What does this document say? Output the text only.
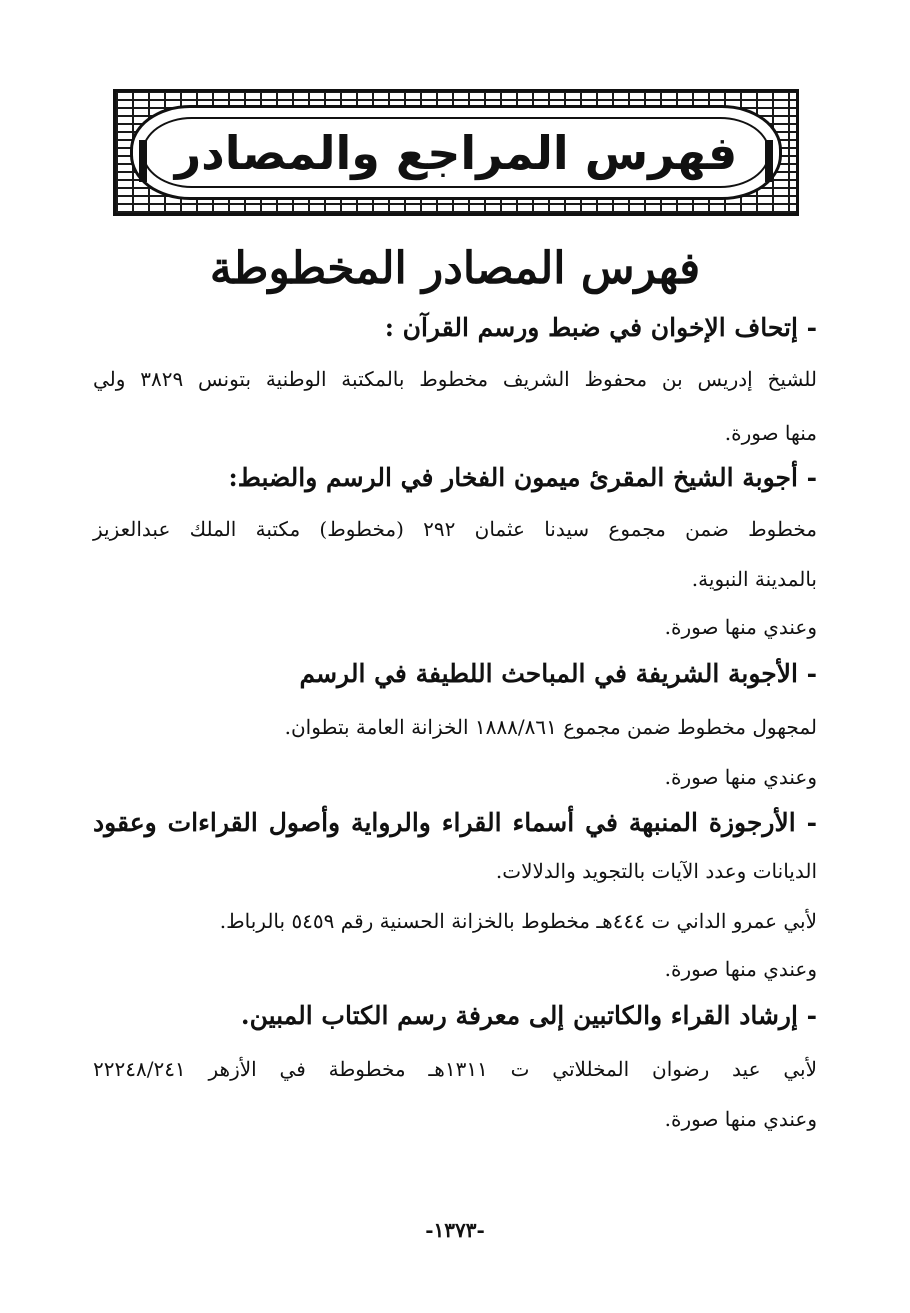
فهرس المراجع والمصادر
فهرس المصادر المخطوطة
- إتحاف الإخوان في ضبط ورسم القرآن :
للشيخ إدريس بن محفوظ الشريف مخطوط بالمكتبة الوطنية بتونس ٣٨٢٩ ولي
منها صورة.
- أجوبة الشيخ المقرئ ميمون الفخار في الرسم والضبط:
مخطوط ضمن مجموع سيدنا عثمان ٢٩٢ (مخطوط) مكتبة الملك عبدالعزيز
بالمدينة النبوية.
وعندي منها صورة.
- الأجوبة الشريفة في المباحث اللطيفة في الرسم
لمجهول مخطوط ضمن مجموع ١٨٨٨/٨٦١ الخزانة العامة بتطوان.
وعندي منها صورة.
- الأرجوزة المنبهة في أسماء القراء والرواية وأصول القراءات وعقود
الديانات وعدد الآيات بالتجويد والدلالات.
لأبي عمرو الداني ت ٤٤٤هـ مخطوط بالخزانة الحسنية رقم ٥٤٥٩ بالرباط.
وعندي منها صورة.
- إرشاد القراء والكاتبين إلى معرفة رسم الكتاب المبين.
لأبي عيد رضوان المخللاتي ت ١٣١١هـ مخطوطة في الأزهر ٢٢٢٤٨/٢٤١
وعندي منها صورة.
-١٣٧٣-
